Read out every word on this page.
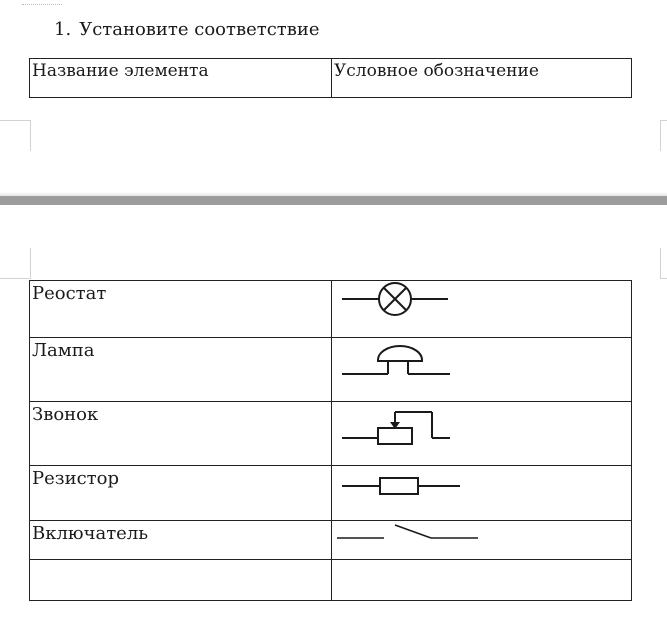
1. Установите соответствие
Название элемента	Условное обозначение
Реостат
Лампа
Звонок
Резистор
Включатель
